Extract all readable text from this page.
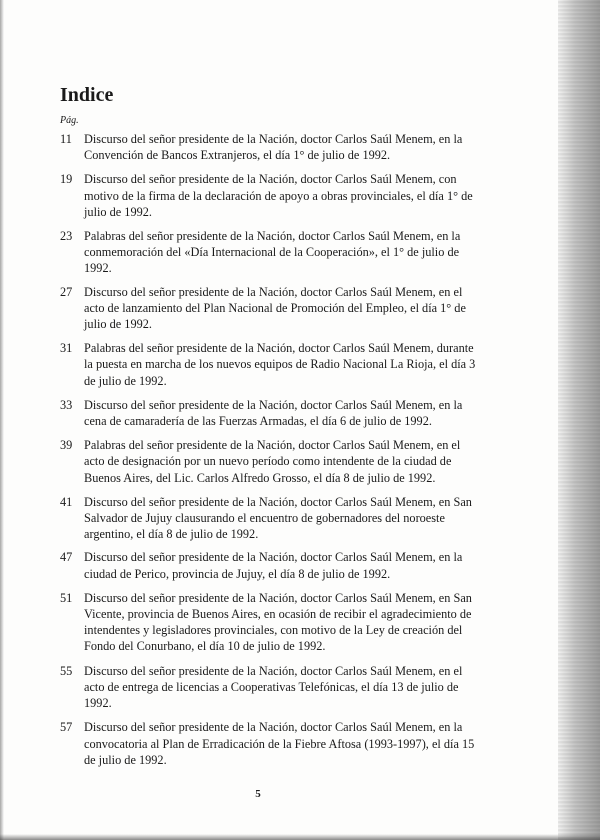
Indice
Pág.
11 Discurso del señor presidente de la Nación, doctor Carlos Saúl Menem, en la Convención de Bancos Extranjeros, el día 1° de julio de 1992.
19 Discurso del señor presidente de la Nación, doctor Carlos Saúl Menem, con motivo de la firma de la declaración de apoyo a obras provinciales, el día 1° de julio de 1992.
23 Palabras del señor presidente de la Nación, doctor Carlos Saúl Menem, en la conmemoración del «Día Internacional de la Cooperación», el 1° de julio de 1992.
27 Discurso del señor presidente de la Nación, doctor Carlos Saúl Menem, en el acto de lanzamiento del Plan Nacional de Promoción del Empleo, el día 1° de julio de 1992.
31 Palabras del señor presidente de la Nación, doctor Carlos Saúl Menem, durante la puesta en marcha de los nuevos equipos de Radio Nacional La Rioja, el día 3 de julio de 1992.
33 Discurso del señor presidente de la Nación, doctor Carlos Saúl Menem, en la cena de camaradería de las Fuerzas Armadas, el día 6 de julio de 1992.
39 Palabras del señor presidente de la Nación, doctor Carlos Saúl Menem, en el acto de designación por un nuevo período como intendente de la ciudad de Buenos Aires, del Lic. Carlos Alfredo Grosso, el día 8 de julio de 1992.
41 Discurso del señor presidente de la Nación, doctor Carlos Saúl Menem, en San Salvador de Jujuy clausurando el encuentro de gobernadores del noroeste argentino, el día 8 de julio de 1992.
47 Discurso del señor presidente de la Nación, doctor Carlos Saúl Menem, en la ciudad de Perico, provincia de Jujuy, el día 8 de julio de 1992.
51 Discurso del señor presidente de la Nación, doctor Carlos Saúl Menem, en San Vicente, provincia de Buenos Aires, en ocasión de recibir el agradecimiento de intendentes y legisladores provinciales, con motivo de la Ley de creación del Fondo del Conurbano, el día 10 de julio de 1992.
55 Discurso del señor presidente de la Nación, doctor Carlos Saúl Menem, en el acto de entrega de licencias a Cooperativas Telefónicas, el día 13 de julio de 1992.
57 Discurso del señor presidente de la Nación, doctor Carlos Saúl Menem, en la convocatoria al Plan de Erradicación de la Fiebre Aftosa (1993-1997), el día 15 de julio de 1992.
5
